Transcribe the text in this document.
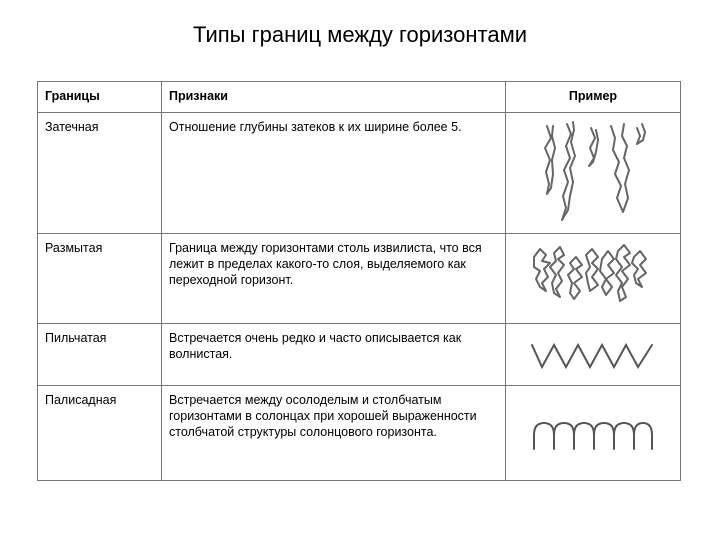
Типы границ между горизонтами
Границы	Признаки	Пример
Затечная	Отношение глубины затеков к их ширине более 5.	

Размытая	Граница между горизонтами столь извилиста, что вся лежит в пределах какого-то слоя, выделяемого как переходной горизонт.	

Пильчатая	Встречается очень редко и часто описывается как волнистая.	

Палисадная	Встречается между осолоделым и столбчатым горизонтами в солонцах при хорошей выраженности столбчатой структуры солонцового горизонта.	
